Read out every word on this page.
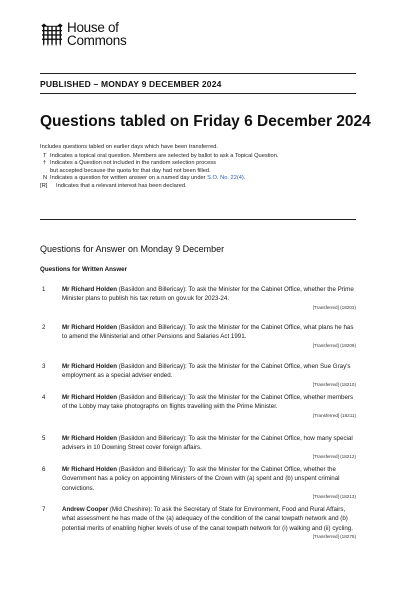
House of
Commons
PUBLISHED – MONDAY 9 DECEMBER 2024
Questions tabled on Friday 6 December 2024
Includes questions tabled on earlier days which have been transferred.
T Indicates a topical oral question. Members are selected by ballot to ask a Topical Question.
† Indicates a Question not included in the random selection process but accepted because the quota for that day had not been filled.
N Indicates a question for written answer on a named day under S.O. No. 22(4).
[R]	Indicates that a relevant interest has been declared.
Questions for Answer on Monday 9 December
Questions for Written Answer
1	Mr Richard Holden (Basildon and Billericay): To ask the Minister for the Cabinet Office, whether the Prime Minister plans to publish his tax return on gov.uk for 2023-24.
[Transferred] (18203)
2	Mr Richard Holden (Basildon and Billericay): To ask the Minister for the Cabinet Office, what plans he has to amend the Ministerial and other Pensions and Salaries Act 1991.
[Transferred] (18209)
3	Mr Richard Holden (Basildon and Billericay): To ask the Minister for the Cabinet Office, when Sue Gray's employment as a special adviser ended.
[Transferred] (18210)
4	Mr Richard Holden (Basildon and Billericay): To ask the Minister for the Cabinet Office, whether members of the Lobby may take photographs on flights travelling with the Prime Minister.
[Transferred] (18211)
5	Mr Richard Holden (Basildon and Billericay): To ask the Minister for the Cabinet Office, how many special advisers in 10 Downing Street cover foreign affairs.
[Transferred] (18212)
6	Mr Richard Holden (Basildon and Billericay): To ask the Minister for the Cabinet Office, whether the Government has a policy on appointing Ministers of the Crown with (a) spent and (b) unspent criminal convictions.
[Transferred] (18213)
7	Andrew Cooper (Mid Cheshire): To ask the Secretary of State for Environment, Food and Rural Affairs, what assessment he has made of the (a) adequacy of the condition of the canal towpath network and (b) potential merits of enabling higher levels of use of the canal towpath network for (i) walking and (ii) cycling.
[Transferred] (18275)
